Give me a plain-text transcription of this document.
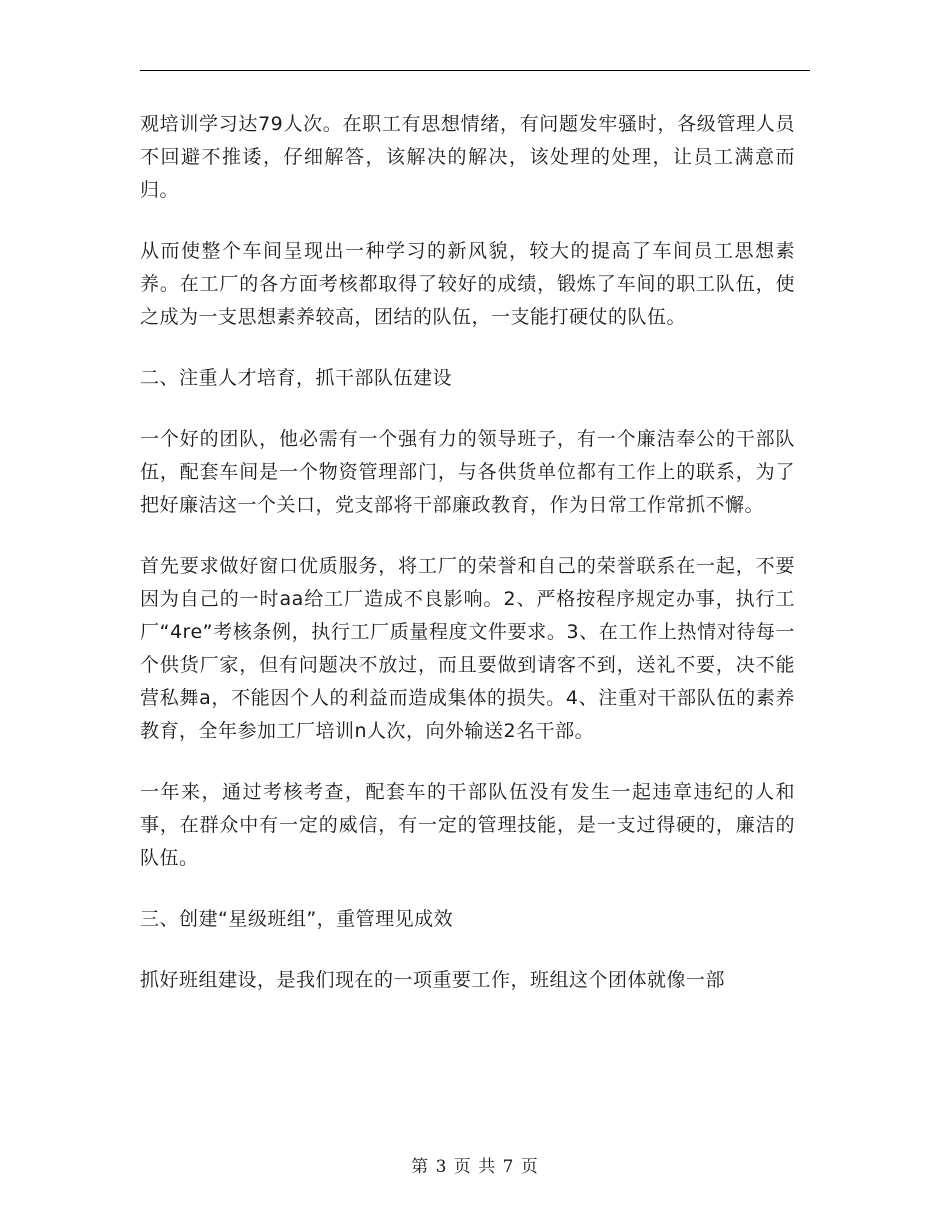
观培训学习达79人次。在职工有思想情绪，有问题发牢骚时，各级管理人员不回避不推诿，仔细解答，该解决的解决，该处理的处理，让员工满意而归。

从而使整个车间呈现出一种学习的新风貌，较大的提高了车间员工思想素养。在工厂的各方面考核都取得了较好的成绩，锻炼了车间的职工队伍，使之成为一支思想素养较高，团结的队伍，一支能打硬仗的队伍。

二、注重人才培育，抓干部队伍建设

一个好的团队，他必需有一个强有力的领导班子，有一个廉洁奉公的干部队伍，配套车间是一个物资管理部门，与各供货单位都有工作上的联系，为了把好廉洁这一个关口，党支部将干部廉政教育，作为日常工作常抓不懈。

首先要求做好窗口优质服务，将工厂的荣誉和自己的荣誉联系在一起，不要因为自己的一时aa给工厂造成不良影响。2、严格按程序规定办事，执行工厂“4re”考核条例，执行工厂质量程度文件要求。3、在工作上热情对待每一个供货厂家，但有问题决不放过，而且要做到请客不到，送礼不要，决不能营私舞a，不能因个人的利益而造成集体的损失。4、注重对干部队伍的素养教育，全年参加工厂培训n人次，向外输送2名干部。

一年来，通过考核考查，配套车的干部队伍没有发生一起违章违纪的人和事，在群众中有一定的威信，有一定的管理技能，是一支过得硬的，廉洁的队伍。

三、创建“星级班组”，重管理见成效

抓好班组建设，是我们现在的一项重要工作，班组这个团体就像一部

第 3 页 共 7 页
